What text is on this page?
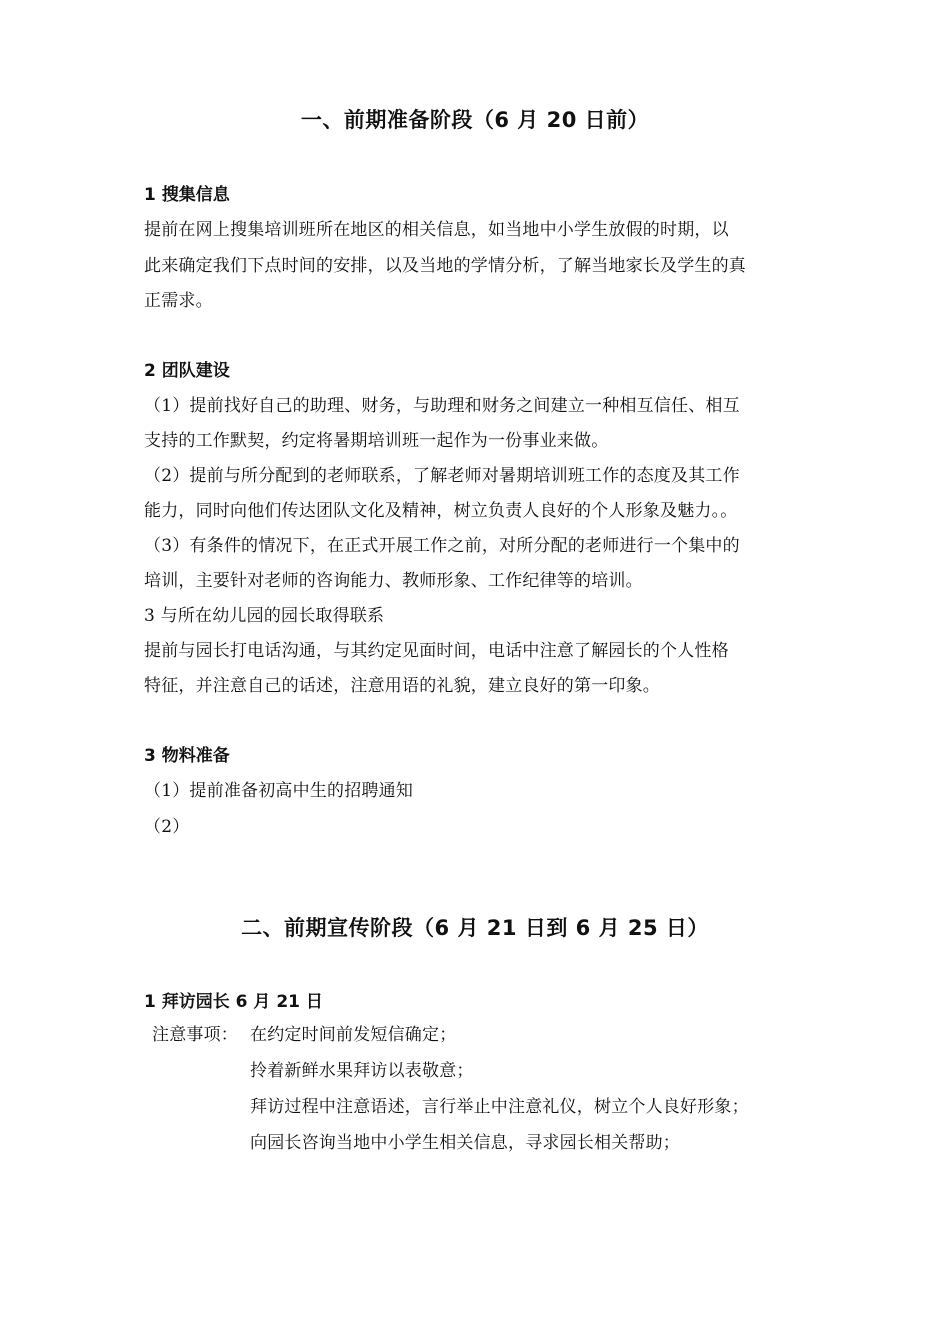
一、前期准备阶段（6 月 20 日前）
1 搜集信息
提前在网上搜集培训班所在地区的相关信息，如当地中小学生放假的时期，以
此来确定我们下点时间的安排，以及当地的学情分析，了解当地家长及学生的真
正需求。
2 团队建设
（1）提前找好自己的助理、财务，与助理和财务之间建立一种相互信任、相互
支持的工作默契，约定将暑期培训班一起作为一份事业来做。
（2）提前与所分配到的老师联系，了解老师对暑期培训班工作的态度及其工作
能力，同时向他们传达团队文化及精神，树立负责人良好的个人形象及魅力。。
（3）有条件的情况下，在正式开展工作之前，对所分配的老师进行一个集中的
培训，主要针对老师的咨询能力、教师形象、工作纪律等的培训。
3 与所在幼儿园的园长取得联系
提前与园长打电话沟通，与其约定见面时间，电话中注意了解园长的个人性格
特征，并注意自己的话述，注意用语的礼貌，建立良好的第一印象。
3 物料准备
（1）提前准备初高中生的招聘通知
（2）
二、前期宣传阶段（6 月 21 日到 6 月 25 日）
1 拜访园长 6 月 21 日
注意事项： 在约定时间前发短信确定；
拎着新鲜水果拜访以表敬意；
拜访过程中注意语述，言行举止中注意礼仪，树立个人良好形象；
向园长咨询当地中小学生相关信息，寻求园长相关帮助；
